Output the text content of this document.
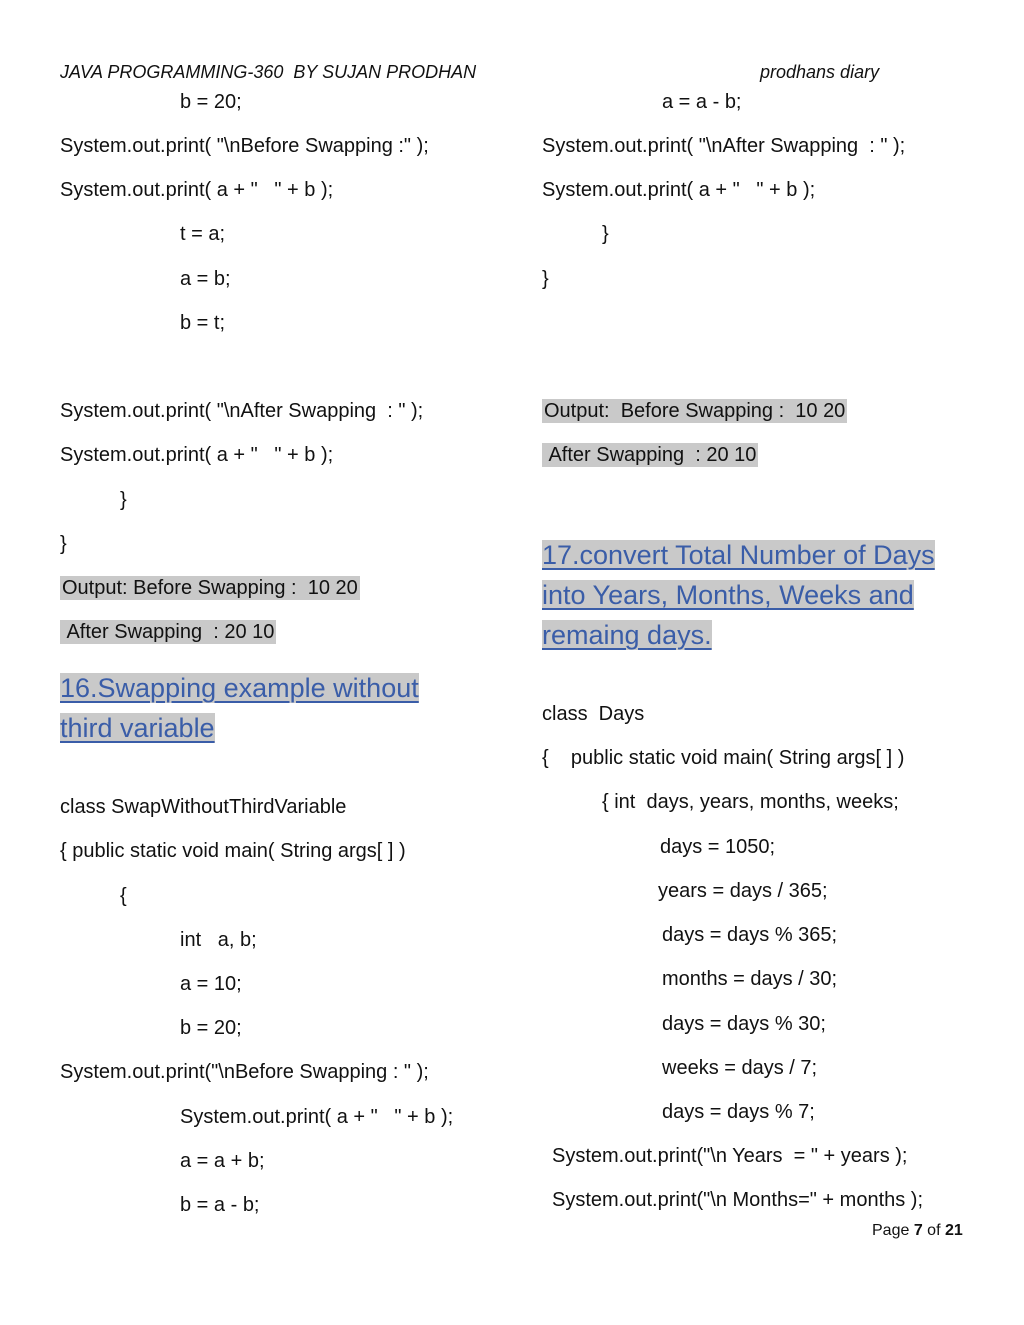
JAVA PROGRAMMING-360  BY SUJAN PRODHAN	prodhans diary
b = 20;
System.out.print( "\nBefore Swapping :" );
System.out.print( a + "   " + b );
t = a;
a = b;
b = t;
System.out.print( "\nAfter Swapping  : " );
System.out.print( a + "   " + b );
}
}
Output: Before Swapping :  10 20
After Swapping  : 20 10
16.Swapping example without
third variable
class SwapWithoutThirdVariable
{ public static void main( String args[ ] )
{
int   a, b;
a = 10;
b = 20;
System.out.print("\nBefore Swapping : " );
System.out.print( a + "   " + b );
a = a + b;
b = a - b;
a = a - b;
System.out.print( "\nAfter Swapping  : " );
System.out.print( a + "   " + b );
}
}
Output:  Before Swapping :  10 20
After Swapping  : 20 10
17.convert Total Number of Days
into Years, Months, Weeks and
remaing days.
class  Days
{    public static void main( String args[ ] )
{ int  days, years, months, weeks;
days = 1050;
years = days / 365;
days = days % 365;
months = days / 30;
days = days % 30;
weeks = days / 7;
days = days % 7;
System.out.print("\n Years  = " + years );
System.out.print("\n Months=" + months );
Page 7 of 21
